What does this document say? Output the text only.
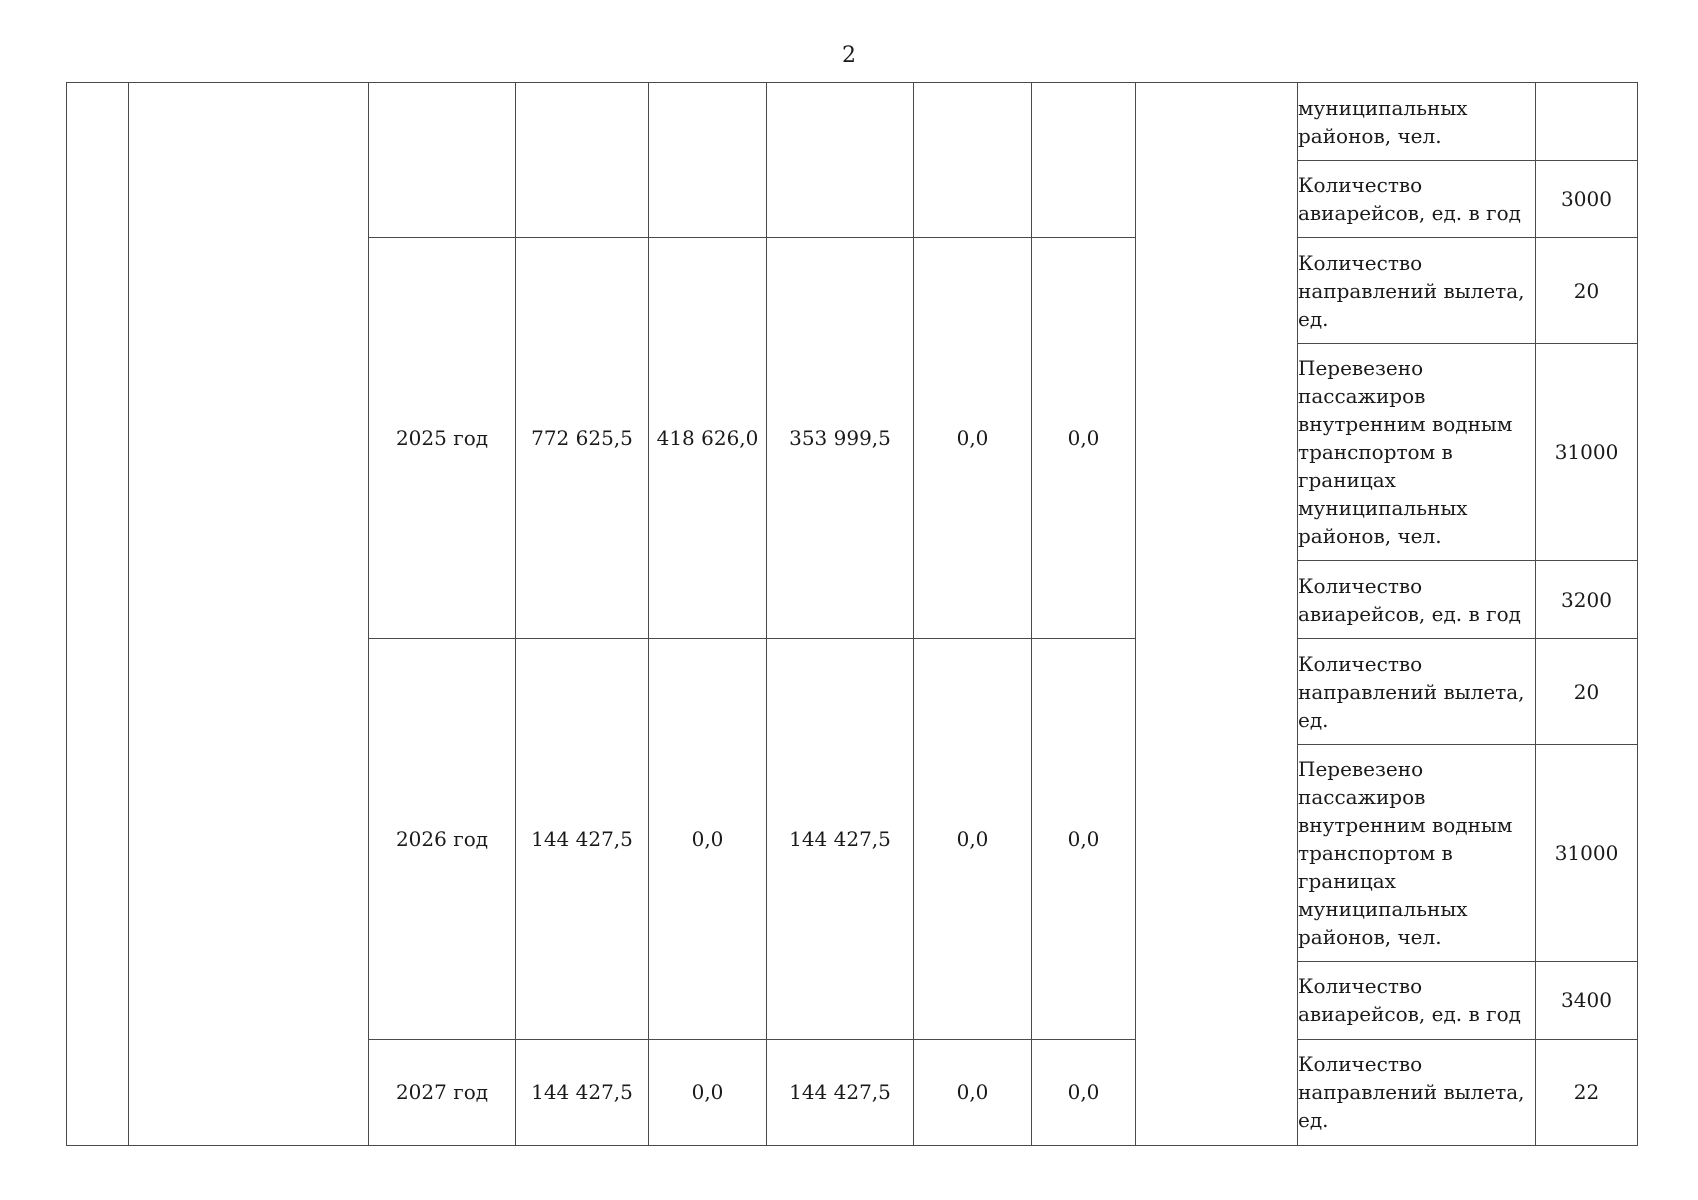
2
									муниципальных районов, чел.	
									Количество авиарейсов, ед. в год	3000
		2025 год	772 625,5	418 626,0	353 999,5	0,0	0,0		Количество направлений вылета, ед.	20
									Перевезено пассажиров внутренним водным транспортом в границах муниципальных районов, чел.	31000
									Количество авиарейсов, ед. в год	3200
		2026 год	144 427,5	0,0	144 427,5	0,0	0,0		Количество направлений вылета, ед.	20
									Перевезено пассажиров внутренним водным транспортом в границах муниципальных районов, чел.	31000
									Количество авиарейсов, ед. в год	3400
		2027 год	144 427,5	0,0	144 427,5	0,0	0,0		Количество направлений вылета, ед.	22
